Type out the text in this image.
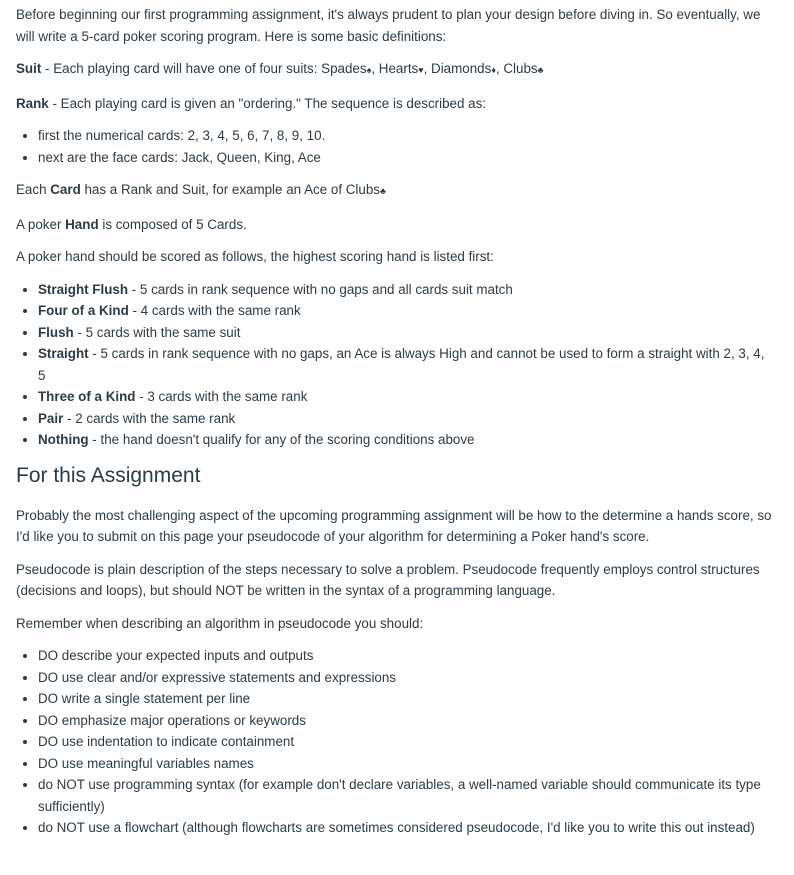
Before beginning our first programming assignment, it's always prudent to plan your design before diving in. So eventually, we will write a 5-card poker scoring program. Here is some basic definitions:

Suit - Each playing card will have one of four suits: Spades♠, Hearts♥, Diamonds♦, Clubs♣

Rank - Each playing card is given an "ordering." The sequence is described as:

• first the numerical cards: 2, 3, 4, 5, 6, 7, 8, 9, 10.
• next are the face cards: Jack, Queen, King, Ace

Each Card has a Rank and Suit, for example an Ace of Clubs♣

A poker Hand is composed of 5 Cards.

A poker hand should be scored as follows, the highest scoring hand is listed first:

• Straight Flush - 5 cards in rank sequence with no gaps and all cards suit match
• Four of a Kind - 4 cards with the same rank
• Flush - 5 cards with the same suit
• Straight - 5 cards in rank sequence with no gaps, an Ace is always High and cannot be used to form a straight with 2, 3, 4, 5
• Three of a Kind - 3 cards with the same rank
• Pair - 2 cards with the same rank
• Nothing - the hand doesn't qualify for any of the scoring conditions above
For this Assignment

Probably the most challenging aspect of the upcoming programming assignment will be how to the determine a hands score, so I'd like you to submit on this page your pseudocode of your algorithm for determining a Poker hand's score.

Pseudocode is plain description of the steps necessary to solve a problem. Pseudocode frequently employs control structures (decisions and loops), but should NOT be written in the syntax of a programming language.

Remember when describing an algorithm in pseudocode you should:

• DO describe your expected inputs and outputs
• DO use clear and/or expressive statements and expressions
• DO write a single statement per line
• DO emphasize major operations or keywords
• DO use indentation to indicate containment
• DO use meaningful variables names
• do NOT use programming syntax (for example don't declare variables, a well-named variable should communicate its type sufficiently)
• do NOT use a flowchart (although flowcharts are sometimes considered pseudocode, I'd like you to write this out instead)
